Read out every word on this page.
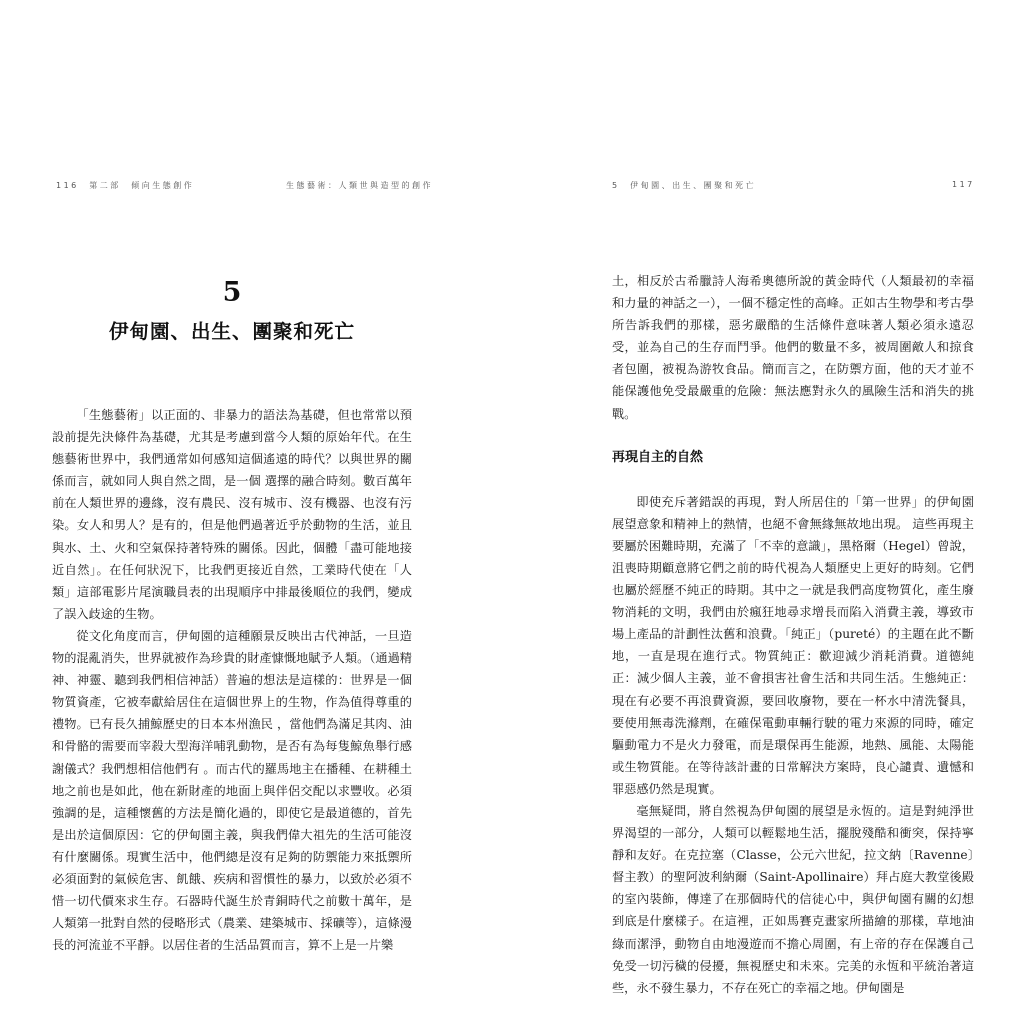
116　第二部　傾向生態創作	生態藝術：人類世與造型的創作	5　伊甸園、出生、團聚和死亡	117
5
伊甸園、出生、團聚和死亡

「生態藝術」以正面的、非暴力的語法為基礎，但也常常以預設前提先決條件為基礎，尤其是考慮到當今人類的原始年代。在生態藝術世界中，我們通常如何感知這個遙遠的時代？以與世界的關係而言，就如同人與自然之間，是一個 選擇的融合時刻。數百萬年前在人類世界的邊緣，沒有農民、沒有城市、沒有機器、也沒有污染。女人和男人？是有的，但是他們過著近乎於動物的生活，並且與水、土、火和空氣保持著特殊的關係。因此，個體「盡可能地接近自然」。在任何狀況下，比我們更接近自然，工業時代使在「人類」這部電影片尾演職員表的出現順序中排最後順位的我們，變成了誤入歧途的生物。

從文化角度而言，伊甸園的這種願景反映出古代神話，一旦造物的混亂消失，世界就被作為珍貴的財產慷慨地賦予人類。（通過精神、神靈、聽到我們相信神話）普遍的想法是這樣的：世界是一個物質資產，它被奉獻給居住在這個世界上的生物，作為值得尊重的禮物。已有長久捕鯨歷史的日本本州漁民 ，當他們為滿足其肉、油和骨骼的需要而宰殺大型海洋哺乳動物，是否有為每隻鯨魚舉行感謝儀式？我們想相信他們有 。而古代的羅馬地主在播種、在耕種土地之前也是如此，他在新財產的地面上與伴侶交配以求豐收。必須強調的是，這種懷舊的方法是簡化過的，即使它是最道德的，首先是出於這個原因：它的伊甸園主義，與我們偉大祖先的生活可能沒有什麼關係。現實生活中，他們總是沒有足夠的防禦能力來抵禦所必須面對的氣候危害、飢餓、疾病和習慣性的暴力，以致於必須不惜一切代價來求生存。石器時代誕生於青銅時代之前數十萬年，是人類第一批對自然的侵略形式（農業、建築城市、採礦等），這條漫長的河流並不平靜。以居住者的生活品質而言，算不上是一片樂

土，相反於古希臘詩人海希奧德所說的黃金時代（人類最初的幸福和力量的神話之一），一個不穩定性的高峰。正如古生物學和考古學所告訴我們的那樣，惡劣嚴酷的生活條件意味著人類必須永遠忍受，並為自己的生存而鬥爭。他們的數量不多，被周圍敵人和掠食者包圍，被視為游牧食品。簡而言之，在防禦方面，他的天才並不能保護他免受最嚴重的危險：無法應對永久的風險生活和消失的挑戰。

再現自主的自然

即使充斥著錯誤的再現，對人所居住的「第一世界」的伊甸園展望意象和精神上的熱情，也絕不會無緣無故地出現。 這些再現主要屬於困難時期，充滿了「不幸的意識」，黑格爾（Hegel）曾說，沮喪時期顧意將它們之前的時代視為人類歷史上更好的時刻。它們也屬於經歷不純正的時期。其中之一就是我們高度物質化，產生廢物消耗的文明，我們由於瘋狂地尋求增長而陷入消費主義，導致市場上產品的計劃性汰舊和浪費。「純正」（pureté）的主題在此不斷地，一直是現在進行式。物質純正：歡迎減少消耗消費。道德純正：減少個人主義，並不會損害社會生活和共同生活。生態純正：現在有必要不再浪費資源，要回收廢物，要在一杯水中清洗餐具，要使用無毒洗滌劑，在確保電動車輛行駛的電力來源的同時，確定驅動電力不是火力發電，而是環保再生能源，地熱、風能、太陽能或生物質能。在等待該計畫的日常解決方案時，良心譴責、遺憾和罪惡感仍然是現實。

毫無疑問，將自然視為伊甸園的展望是永恆的。這是對純淨世界渴望的一部分，人類可以輕鬆地生活，擺脫殘酷和衝突，保持寧靜和友好。在克拉塞（Classe，公元六世紀，拉文納〔Ravenne〕督主教）的聖阿波利納爾（Saint-Apollinaire）拜占庭大教堂後殿的室內裝飾，傳達了在那個時代的信徒心中，與伊甸園有關的幻想到底是什麼樣子。在這裡，正如馬賽克畫家所描繪的那樣，草地油綠而潔淨，動物自由地漫遊而不擔心周圍，有上帝的存在保護自己免受一切污穢的侵擾，無視歷史和未來。完美的永恆和平統治著這些，永不發生暴力，不存在死亡的幸福之地。伊甸園是
